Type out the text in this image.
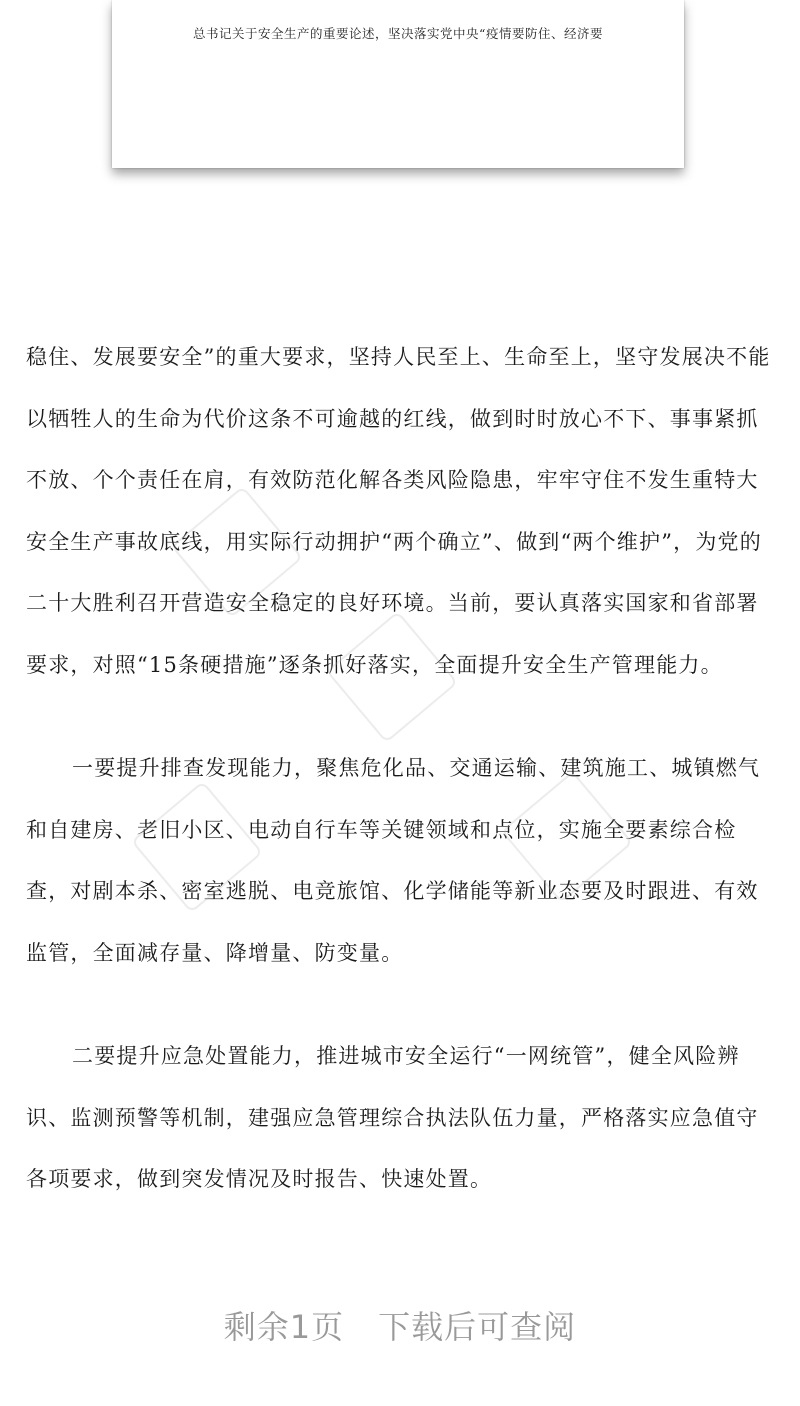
总书记关于安全生产的重要论述，坚决落实党中央“疫情要防住、经济要

稳住、发展要安全”的重大要求，坚持人民至上、生命至上，坚守发展决不能以牺牲人的生命为代价这条不可逾越的红线，做到时时放心不下、事事紧抓不放、个个责任在肩，有效防范化解各类风险隐患，牢牢守住不发生重特大安全生产事故底线，用实际行动拥护“两个确立”、做到“两个维护”，为党的二十大胜利召开营造安全稳定的良好环境。当前，要认真落实国家和省部署要求，对照“15条硬措施”逐条抓好落实，全面提升安全生产管理能力。

一要提升排查发现能力，聚焦危化品、交通运输、建筑施工、城镇燃气和自建房、老旧小区、电动自行车等关键领域和点位，实施全要素综合检查，对剧本杀、密室逃脱、电竞旅馆、化学储能等新业态要及时跟进、有效监管，全面减存量、降增量、防变量。

二要提升应急处置能力，推进城市安全运行“一网统管”，健全风险辨识、监测预警等机制，建强应急管理综合执法队伍力量，严格落实应急值守各项要求，做到突发情况及时报告、快速处置。

剩余1页 下载后可查阅
